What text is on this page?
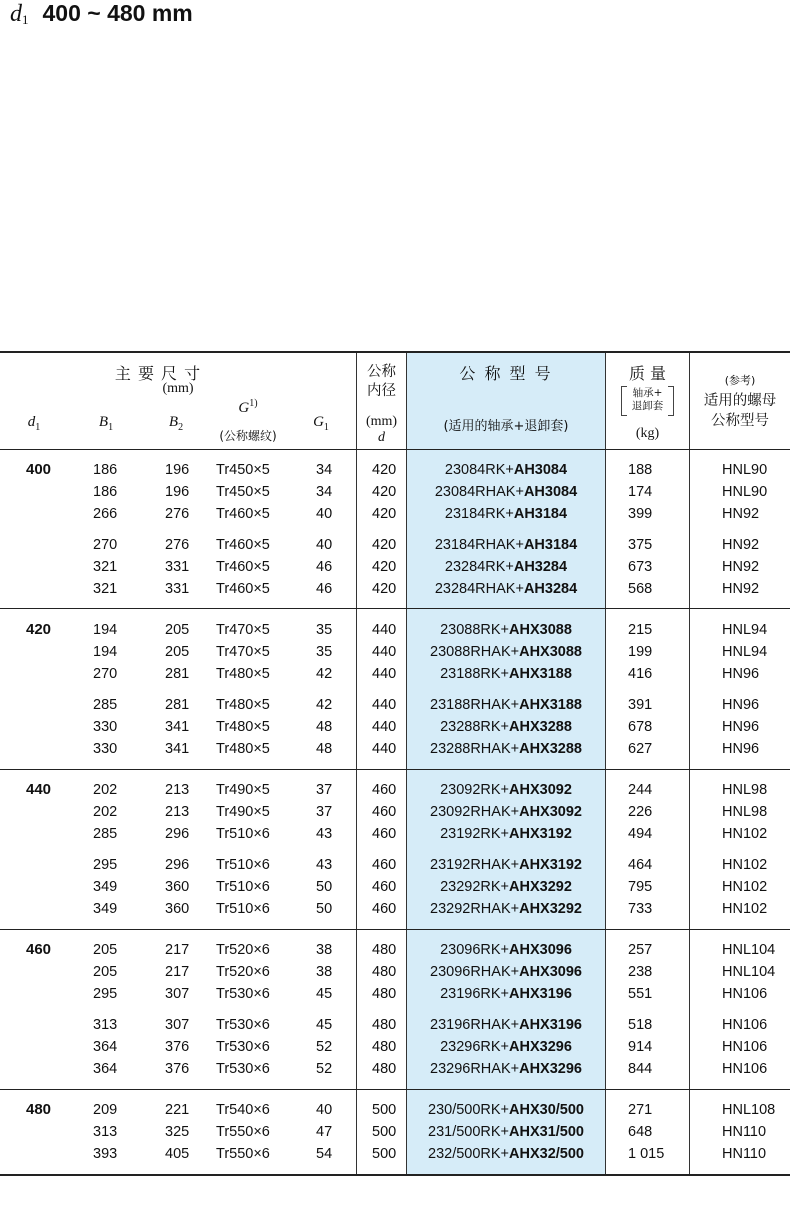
$d_1$ 400 ~ 480 mm
主 要 尺 寸
(mm)
$d_1$	$B_1$	$B_2$
$G^{1)}$
(公称螺纹)
$G_1$
公称
内径
(mm)
d
公 称 型 号
(适用的轴承+退卸套)
质 量
轴承+
退卸套
(kg)
(参考)
适用的螺母
公称型号
400	186	196 Tr450×5	34	420	23084RK+AH3084	188	HNL90
186	196 Tr450×5	34	420	23084RHAK+AH3084	174	HNL90
266	276 Tr460×5	40	420	23184RK+AH3184	399	HN92
270	276 Tr460×5	40	420	23184RHAK+AH3184	375	HN92
321	331 Tr460×5	46	420	23284RK+AH3284	673	HN92
321	331 Tr460×5	46	420	23284RHAK+AH3284	568	HN92
420	194	205 Tr470×5	35	440	23088RK+AHX3088	215	HNL94
194	205 Tr470×5	35	440	23088RHAK+AHX3088	199	HNL94
270	281 Tr480×5	42	440	23188RK+AHX3188	416	HN96
285	281 Tr480×5	42	440	23188RHAK+AHX3188	391	HN96
330	341 Tr480×5	48	440	23288RK+AHX3288	678	HN96
330	341 Tr480×5	48	440	23288RHAK+AHX3288	627	HN96
440	202	213 Tr490×5	37	460	23092RK+AHX3092	244	HNL98
202	213 Tr490×5	37	460	23092RHAK+AHX3092	226	HNL98
285	296 Tr510×6	43	460	23192RK+AHX3192	494	HN102
295	296 Tr510×6	43	460	23192RHAK+AHX3192	464	HN102
349	360 Tr510×6	50	460	23292RK+AHX3292	795	HN102
349	360 Tr510×6	50	460	23292RHAK+AHX3292	733	HN102
460	205	217 Tr520×6	38	480	23096RK+AHX3096	257	HNL104
205	217 Tr520×6	38	480	23096RHAK+AHX3096	238	HNL104
295	307 Tr530×6	45	480	23196RK+AHX3196	551	HN106
313	307 Tr530×6	45	480	23196RHAK+AHX3196	518	HN106
364	376 Tr530×6	52	480	23296RK+AHX3296	914	HN106
364	376 Tr530×6	52	480	23296RHAK+AHX3296	844	HN106
480	209	221 Tr540×6	40	500	230/500RK+AHX30/500	271	HNL108
313	325 Tr550×6	47	500	231/500RK+AHX31/500	648	HN110
393	405 Tr550×6	54	500	232/500RK+AHX32/500	1 015	HN110
